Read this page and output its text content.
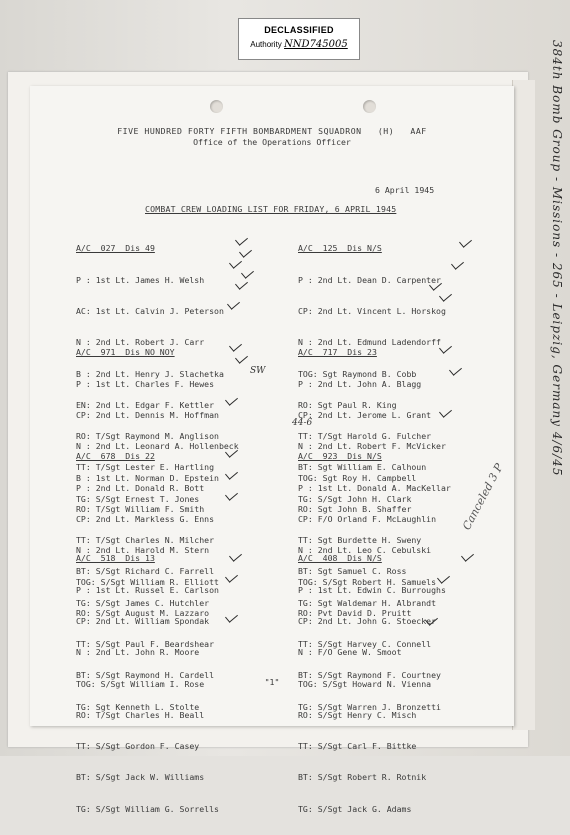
DECLASSIFIED
Authority NND745005
FIVE HUNDRED FORTY FIFTH BOMBARDMENT SQUADRON   (H)   AAF
Office of the Operations Officer
6 April 1945
COMBAT CREW LOADING LIST FOR FRIDAY, 6 APRIL 1945

A/C  027  Dis 49

P : 1st Lt. James H. Welsh

AC: 1st Lt. Calvin J. Peterson

N : 2nd Lt. Robert J. Carr

B : 2nd Lt. Henry J. Slachetka

EN: 2nd Lt. Edgar F. Kettler

RO: T/Sgt Raymond M. Anglison

TT: T/Sgt Lester E. Hartling

TG: S/Sgt Ernest T. Jones

A/C  971  Dis NO NOY

P : 1st Lt. Charles F. Hewes

CP: 2nd Lt. Dennis M. Hoffman

N : 2nd Lt. Leonard A. Hollenbeck

B : 1st Lt. Norman D. Epstein

RO: T/Sgt William F. Smith

TT: T/Sgt Charles N. Milcher

BT: S/Sgt Richard C. Farrell

TG: S/Sgt James C. Hutchler

A/C  678  Dis 22

P : 2nd Lt. Donald R. Bott

CP: 2nd Lt. Markless G. Enns

N : 2nd Lt. Harold M. Stern

TOG: S/Sgt William R. Elliott

RO: S/Sgt August M. Lazzaro

TT: S/Sgt Paul F. Beardshear

BT: S/Sgt Raymond H. Cardell

TG: Sgt Kenneth L. Stolte

A/C  518  Dis 13

P : 1st Lt. Russel E. Carlson

CP: 2nd Lt. William Spondak

N : 2nd Lt. John R. Moore

TOG: S/Sgt William I. Rose

RO: T/Sgt Charles H. Beall

TT: S/Sgt Gordon F. Casey

BT: S/Sgt Jack W. Williams

TG: S/Sgt William G. Sorrells

A/C  125  Dis N/S

P : 2nd Lt. Dean D. Carpenter

CP: 2nd Lt. Vincent L. Horskog

N : 2nd Lt. Edmund Ladendorff

TOG: Sgt Raymond B. Cobb

RO: Sgt Paul R. King

TT: T/Sgt Harold G. Fulcher

BT: Sgt William E. Calhoun

TG: S/Sgt John H. Clark

A/C  717  Dis 23

P : 2nd Lt. John A. Blagg

CP: 2nd Lt. Jerome L. Grant

N : 2nd Lt. Robert F. McVicker

TOG: Sgt Roy H. Campbell

RO: Sgt John B. Shaffer

TT: Sgt Burdette H. Sweny

BT: Sgt Samuel C. Ross

TG: Sgt Waldemar H. Albrandt

A/C  923  Dis N/S

P : 1st Lt. Donald A. MacKellar

CP: F/O Orland F. McLaughlin

N : 2nd Lt. Leo C. Cebulski

TOG: S/Sgt Robert H. Samuels

RO: Pvt David D. Pruitt

TT: S/Sgt Harvey C. Connell

BT: S/Sgt Raymond F. Courtney

TG: S/Sgt Warren J. Bronzetti

A/C  408  Dis N/S

P : 1st Lt. Edwin C. Burroughs

CP: 2nd Lt. John G. Stoecker

N : F/O Gene W. Smoot

TOG: S/Sgt Howard N. Vienna

RO: S/Sgt Henry C. Misch

TT: S/Sgt Carl F. Bittke

BT: S/Sgt Robert R. Rotnik

TG: S/Sgt Jack G. Adams

44-6
SW
Canceled 3 P
"1"
384th Bomb Group - Missions - 265 - Leipzig, Germany 4/6/45
